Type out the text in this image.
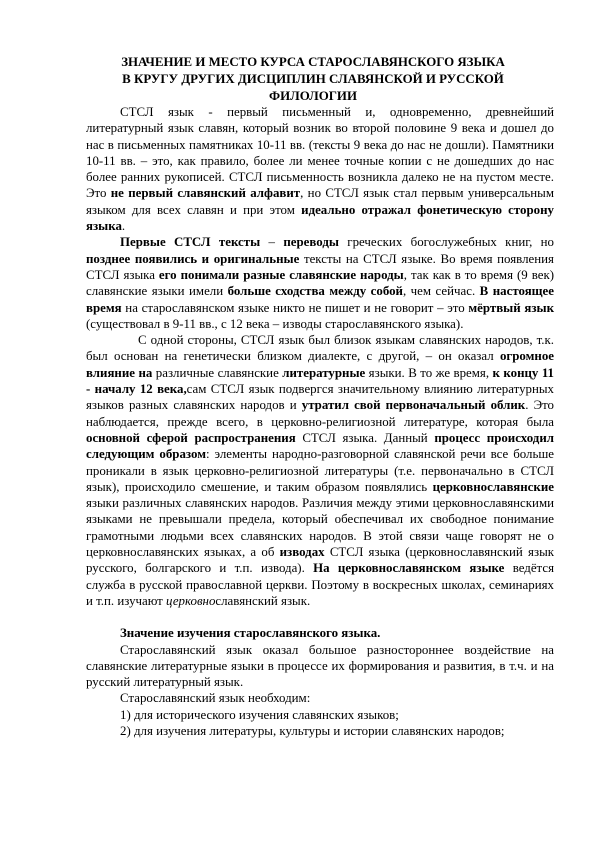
ЗНАЧЕНИЕ И МЕСТО КУРСА СТАРОСЛАВЯНСКОГО ЯЗЫКА
В КРУГУ ДРУГИХ ДИСЦИПЛИН СЛАВЯНСКОЙ И РУССКОЙ
ФИЛОЛОГИИ

СТСЛ язык - первый письменный и, одновременно, древнейший литературный язык славян, который возник во второй половине 9 века и дошел до нас в письменных памятниках 10-11 вв. (тексты 9 века до нас не дошли). Памятники 10-11 вв. – это, как правило, более ли менее точные копии с не дошедших до нас более ранних рукописей. СТСЛ письменность возникла далеко не на пустом месте. Это не первый славянский алфавит, но СТСЛ язык стал первым универсальным языком для всех славян и при этом идеально отражал фонетическую сторону языка.

Первые СТСЛ тексты – переводы греческих богослужебных книг, но позднее появились и оригинальные тексты на СТСЛ языке. Во время появления СТСЛ языка его понимали разные славянские народы, так как в то время (9 век) славянские языки имели больше сходства между собой, чем сейчас. В настоящее время на старославянском языке никто не пишет и не говорит – это мёртвый язык (существовал в 9-11 вв., с 12 века – изводы старославянского языка).

С одной стороны, СТСЛ язык был близок языкам славянских народов, т.к. был основан на генетически близком диалекте, с другой, – он оказал огромное влияние на различные славянские литературные языки. В то же время, к концу 11 - началу 12 века,сам СТСЛ язык подвергся значительному влиянию литературных языков разных славянских народов и утратил свой первоначальный облик. Это наблюдается, прежде всего, в церковно-религиозной литературе, которая была основной сферой распространения СТСЛ языка. Данный процесс происходил следующим образом: элементы народно-разговорной славянской речи все больше проникали в язык церковно-религиозной литературы (т.е. первоначально в СТСЛ язык), происходило смешение, и таким образом появлялись церковнославянские языки различных славянских народов. Различия между этими церковнославянскими языками не превышали предела, который обеспечивал их свободное понимание грамотными людьми всех славянских народов. В этой связи чаще говорят не о церковнославянских языках, а об изводах СТСЛ языка (церковнославянский язык русского, болгарского и т.п. извода). На церковнославянском языке ведётся служба в русской православной церкви. Поэтому в воскресных школах, семинариях и т.п. изучают церковнославянский язык.

Значение изучения старославянского языка.

Старославянский язык оказал большое разностороннее воздействие на славянские литературные языки в процессе их формирования и развития, в т.ч. и на русский литературный язык.

Старославянский язык необходим:

1) для исторического изучения славянских языков;

2) для изучения литературы, культуры и истории славянских народов;
